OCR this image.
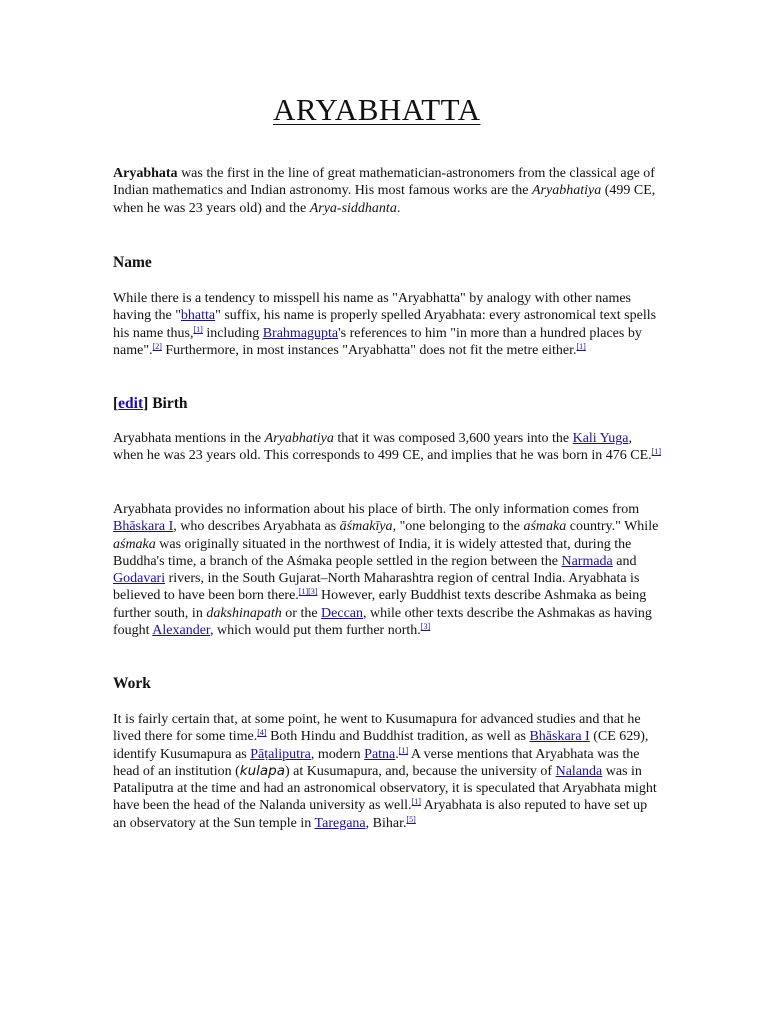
ARYABHATTA

Aryabhata was the first in the line of great mathematician-astronomers from the classical age of Indian mathematics and Indian astronomy. His most famous works are the Aryabhatiya (499 CE, when he was 23 years old) and the Arya-siddhanta.

Name

While there is a tendency to misspell his name as "Aryabhatta" by analogy with other names having the "bhatta" suffix, his name is properly spelled Aryabhata: every astronomical text spells his name thus,[1] including Brahmagupta's references to him "in more than a hundred places by name".[2] Furthermore, in most instances "Aryabhatta" does not fit the metre either.[1]

[edit] Birth

Aryabhata mentions in the Aryabhatiya that it was composed 3,600 years into the Kali Yuga, when he was 23 years old. This corresponds to 499 CE, and implies that he was born in 476 CE.[1]

Aryabhata provides no information about his place of birth. The only information comes from Bhāskara I, who describes Aryabhata as āśmakīya, "one belonging to the aśmaka country." While aśmaka was originally situated in the northwest of India, it is widely attested that, during the Buddha's time, a branch of the Aśmaka people settled in the region between the Narmada and Godavari rivers, in the South Gujarat–North Maharashtra region of central India. Aryabhata is believed to have been born there.[1][3] However, early Buddhist texts describe Ashmaka as being further south, in dakshinapath or the Deccan, while other texts describe the Ashmakas as having fought Alexander, which would put them further north.[3]

Work

It is fairly certain that, at some point, he went to Kusumapura for advanced studies and that he lived there for some time.[4] Both Hindu and Buddhist tradition, as well as Bhāskara I (CE 629), identify Kusumapura as Pāṭaliputra, modern Patna.[1] A verse mentions that Aryabhata was the head of an institution (kulapa) at Kusumapura, and, because the university of Nalanda was in Pataliputra at the time and had an astronomical observatory, it is speculated that Aryabhata might have been the head of the Nalanda university as well.[1] Aryabhata is also reputed to have set up an observatory at the Sun temple in Taregana, Bihar.[5]
